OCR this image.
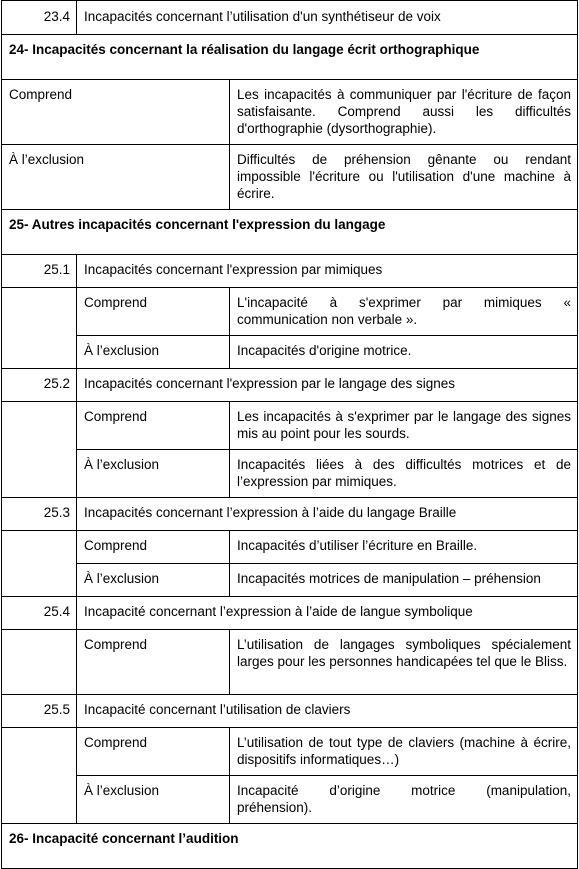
23.4	Incapacités concernant l’utilisation d'un synthétiseur de voix	
24- Incapacités concernant la réalisation du langage écrit orthographique		
Comprend		Les incapacités à communiquer par l'écriture de façon satisfaisante. Comprend aussi les difficultés d'orthographie (dysorthographie).
À l’exclusion		Difficultés de préhension gênante ou rendant impossible l'écriture ou l'utilisation d'une machine à écrire.
25- Autres incapacités concernant l'expression du langage		
25.1	Incapacités concernant l'expression par mimiques	
	Comprend	L'incapacité à s'exprimer par mimiques « communication non verbale ».
	À l’exclusion	Incapacités d'origine motrice.
25.2	Incapacités concernant l'expression par le langage des signes	
	Comprend	Les incapacités à s'exprimer par le langage des signes mis au point pour les sourds.
	À l’exclusion	Incapacités liées à des difficultés motrices et de l’expression par mimiques.
25.3	Incapacités concernant l’expression à l’aide du langage Braille	
	Comprend	Incapacités d’utiliser l’écriture en Braille.
	À l’exclusion	Incapacités motrices de manipulation – préhension
25.4	Incapacité concernant l’expression à l’aide de langue symbolique	
	Comprend	L’utilisation de langages symboliques spécialement larges pour les personnes handicapées tel que le Bliss.
25.5	Incapacité concernant l’utilisation de claviers	
	Comprend	L’utilisation de tout type de claviers (machine à écrire, dispositifs informatiques…)
	À l’exclusion	Incapacité d’origine motrice (manipulation, préhension).
26- Incapacité concernant l’audition		
